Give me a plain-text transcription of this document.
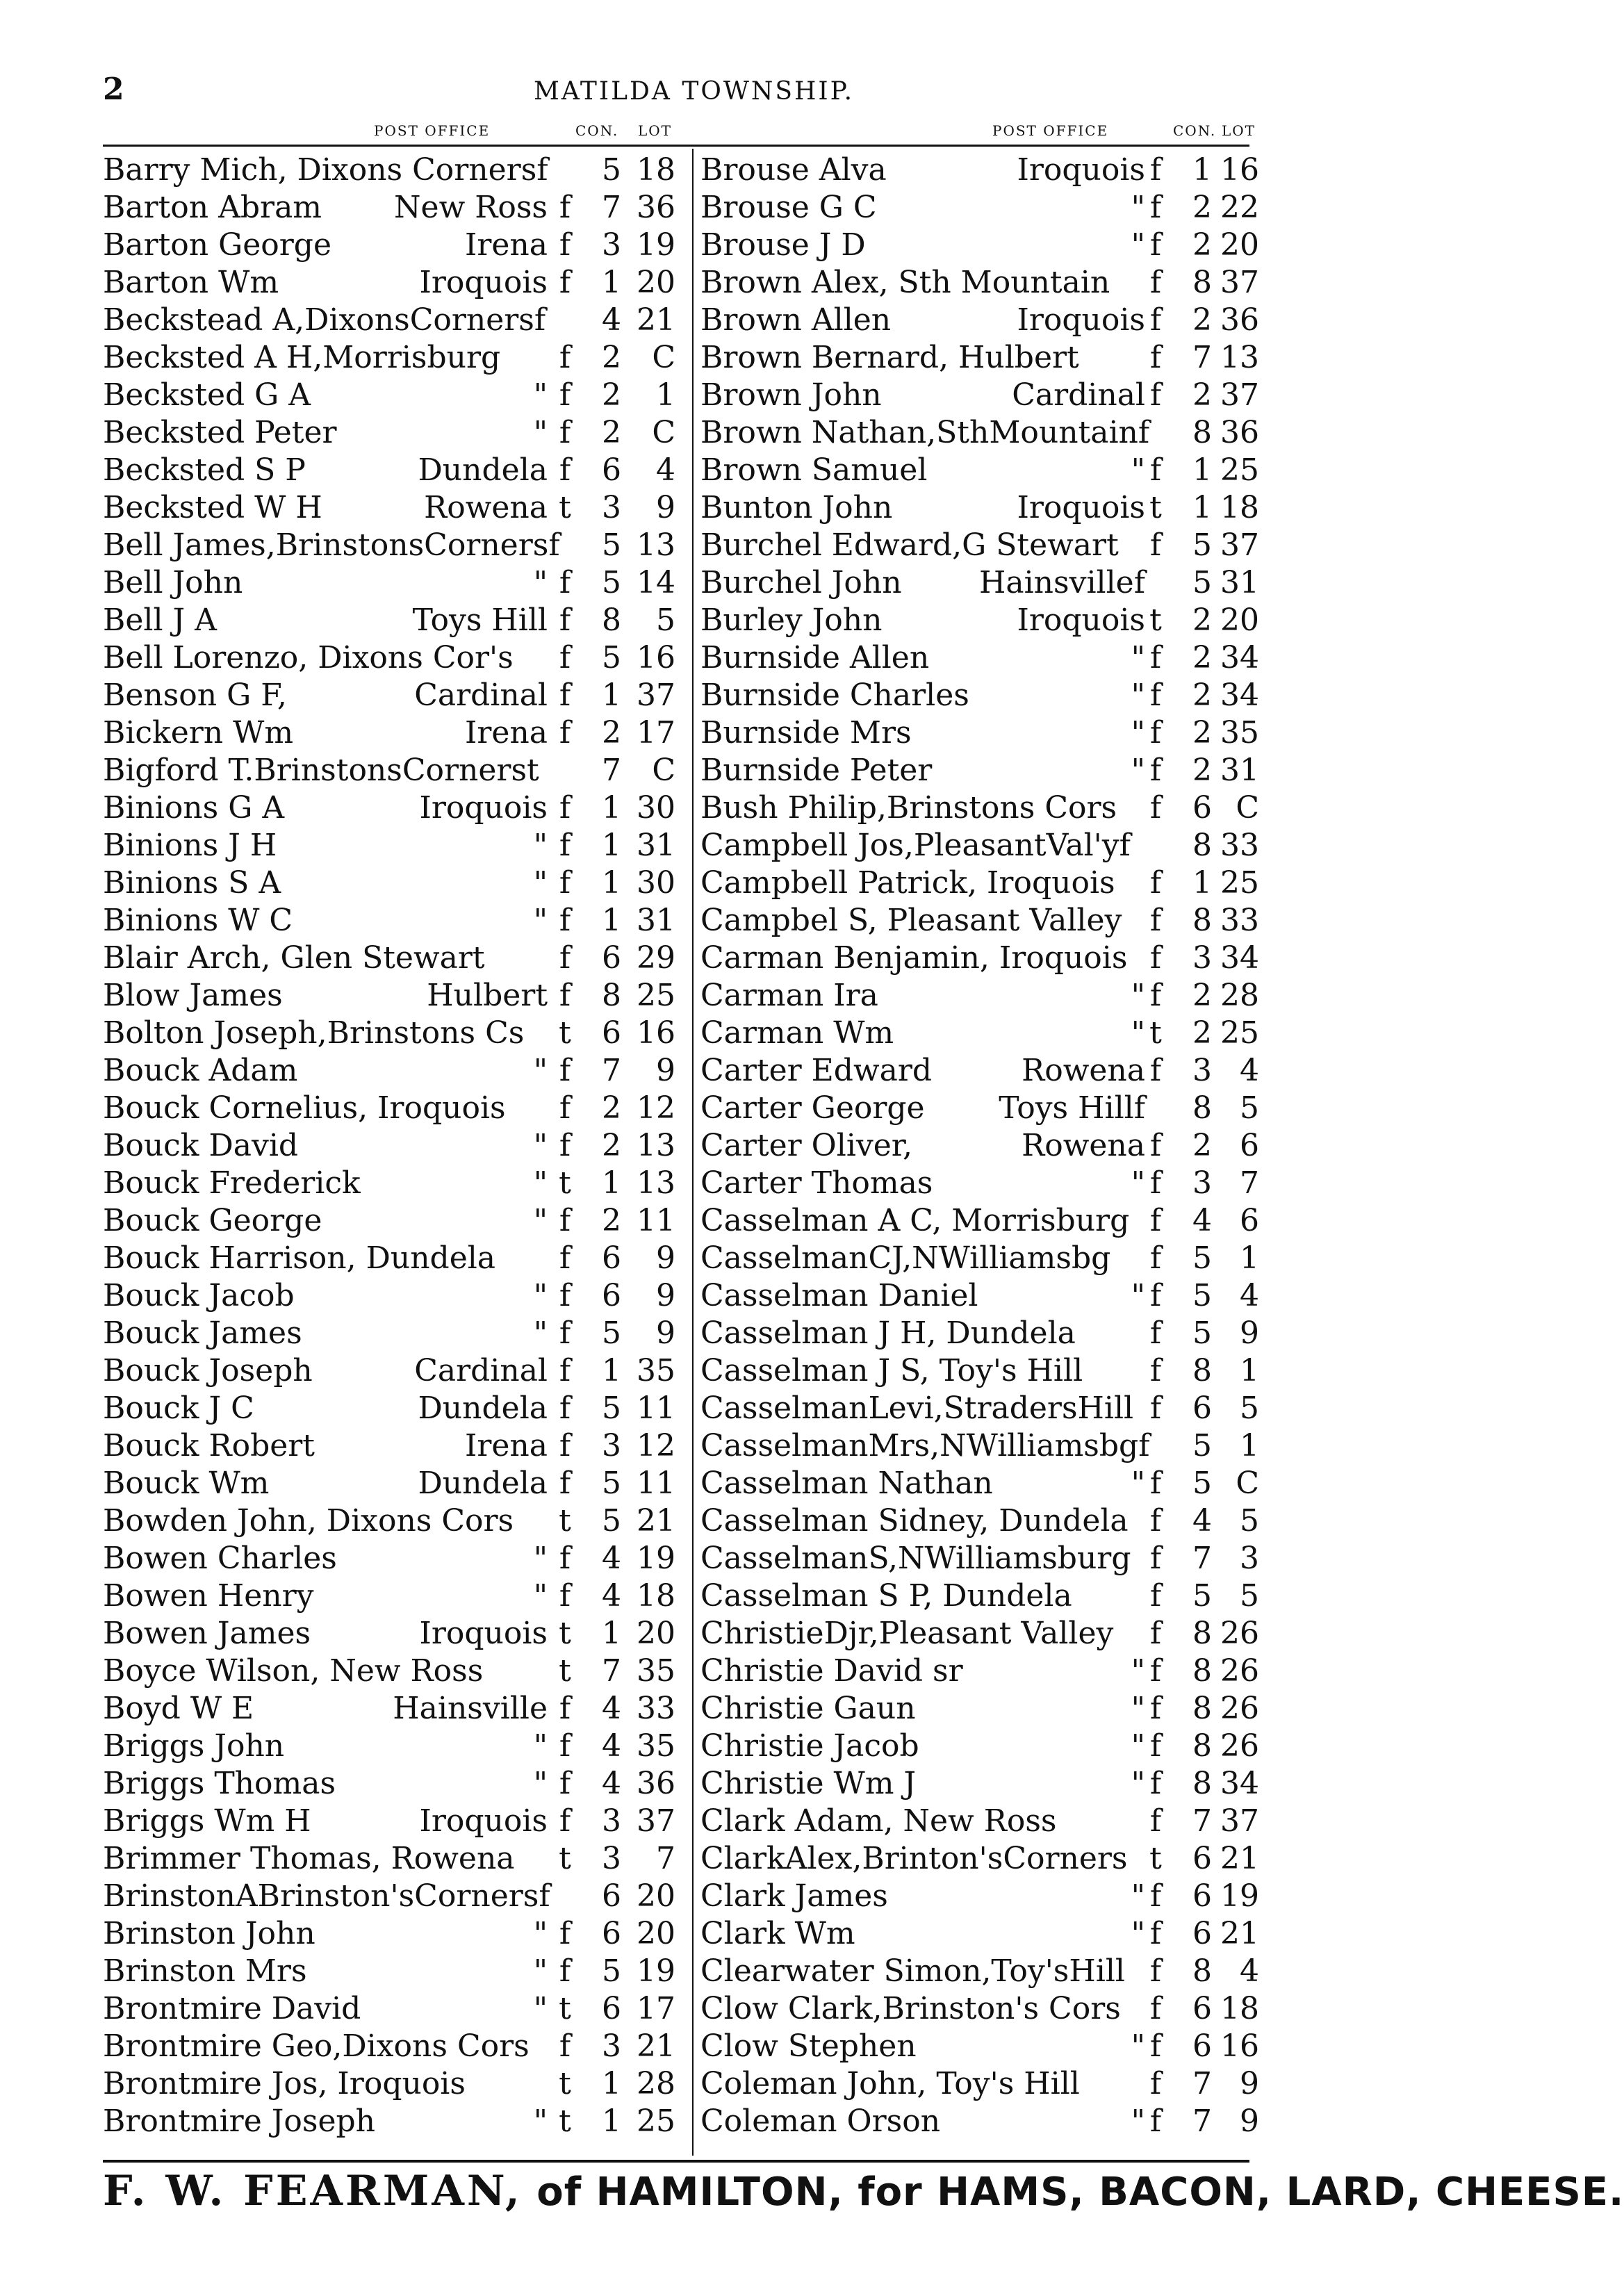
2	MATILDA TOWNSHIP.
POST OFFICE	CON. LOT	POST OFFICE	CON. LOT
Barry Mich, Dixons Cornersf	5 18
Barton Abram New Ross f	7 36
Barton George	Irena f	3 19
Barton Wm	Iroquois f	1 20
Beckstead A,DixonsCornersf	4 21
Becksted A H,Morrisburg f	2	C
Becksted G A	" f	2	1
Becksted Peter	" f	2	C
Becksted S P	Dundela f	6	4
Becksted W H	Rowena t	3	9
Bell James,BrinstonsCornersf	5 13
Bell John	" f	5 14
Bell J A	Toys Hill f	8	5
Bell Lorenzo, Dixons Cor's f	5 16
Benson G F,	Cardinal f	1 37
Bickern Wm	Irena f	2 17
Bigford T.BrinstonsCornerst	7	C
Binions G A	Iroquois f	1 30
Binions J H	" f	1 31
Binions S A	" f	1 30
Binions W C	" f	1 31
Blair Arch, Glen Stewart f	6 29
Blow James	Hulbert f	8 25
Bolton Joseph,Brinstons Cs t	6 16
Bouck Adam	" f	7	9
Bouck Cornelius, Iroquois f	2 12
Bouck David	" f	2 13
Bouck Frederick	" t	1 13
Bouck George	" f	2 11
Bouck Harrison, Dundela f	6	9
Bouck Jacob	" f	6	9
Bouck James	" f	5	9
Bouck Joseph	Cardinal f	1 35
Bouck J C	Dundela f	5 11
Bouck Robert	Irena f	3 12
Bouck Wm	Dundela f	5 11
Bowden John, Dixons Cors t	5 21
Bowen Charles	" f	4 19
Bowen Henry	" f	4 18
Bowen James	Iroquois t	1 20
Boyce Wilson, New Ross t	7 35
Boyd W E	Hainsville f	4 33
Briggs John	" f	4 35
Briggs Thomas	" f	4 36
Briggs Wm H	Iroquois f	3 37
Brimmer Thomas, Rowena t	3	7
BrinstonABrinston'sCornersf	6 20
Brinston John	" f	6 20
Brinston Mrs	" f	5 19
Brontmire David	" t	6 17
Brontmire Geo,Dixons Cors f	3 21
Brontmire Jos, Iroquois	t	1 28
Brontmire Joseph	" t	1 25
Brouse Alva	Iroquois f	1 16
Brouse G C	" f	2 22
Brouse J D	" f	2 20
Brown Alex, Sth Mountain f	8 37
Brown Allen	Iroquois f	2 36
Brown Bernard, Hulbert f	7 13
Brown John	Cardinal f	2 37
Brown Nathan,SthMountainf	8 36
Brown Samuel	" f	1 25
Bunton John	Iroquois t	1 18
Burchel Edward,G Stewart f	5 37
Burchel John	Hainsvillef	5 31
Burley John	Iroquois t	2 20
Burnside Allen	" f	2 34
Burnside Charles	" f	2 34
Burnside Mrs	" f	2 35
Burnside Peter	" f	2 31
Bush Philip,Brinstons Cors f	6 C
Campbell Jos,PleasantVal'yf	8 33
Campbell Patrick, Iroquois f	1 25
Campbel S, Pleasant Valley f	8 33
Carman Benjamin, Iroquois f	3 34
Carman Ira	" f	2 28
Carman Wm	" t	2 25
Carter Edward	Rowena f	3 4
Carter George Toys Hillf	8 5
Carter Oliver,	Rowena f	2 6
Carter Thomas	" f	3 7
Casselman A C, Morrisburg f	4 6
CasselmanCJ,NWilliamsbg f	5 1
Casselman Daniel	" f	5 4
Casselman J H, Dundela f	5 9
Casselman J S, Toy's Hill f	8 1
CasselmanLevi,StradersHill f	6 5
CasselmanMrs,NWilliamsbgf	5 1
Casselman Nathan	" f	5 C
Casselman Sidney, Dundela f	4 5
CasselmanS,NWilliamsburg f	7 3
Casselman S P, Dundela	f	5 5
ChristieDjr,Pleasant Valley f	8 26
Christie David sr	" f	8 26
Christie Gaun	" f	8 26
Christie Jacob	" f	8 26
Christie Wm J	" f	8 34
Clark Adam, New Ross	f	7 37
ClarkAlex,Brinton'sCorners t	6 21
Clark James	" f	6 19
Clark Wm	" f	6 21
Clearwater Simon,Toy'sHill f	8 4
Clow Clark,Brinston's Cors f	6 18
Clow Stephen	" f	6 16
Coleman John, Toy's Hill f	7 9
Coleman Orson	" f	7 9
F. W. FEARMAN, of HAMILTON, for HAMS, BACON, LARD, CHEESE.
